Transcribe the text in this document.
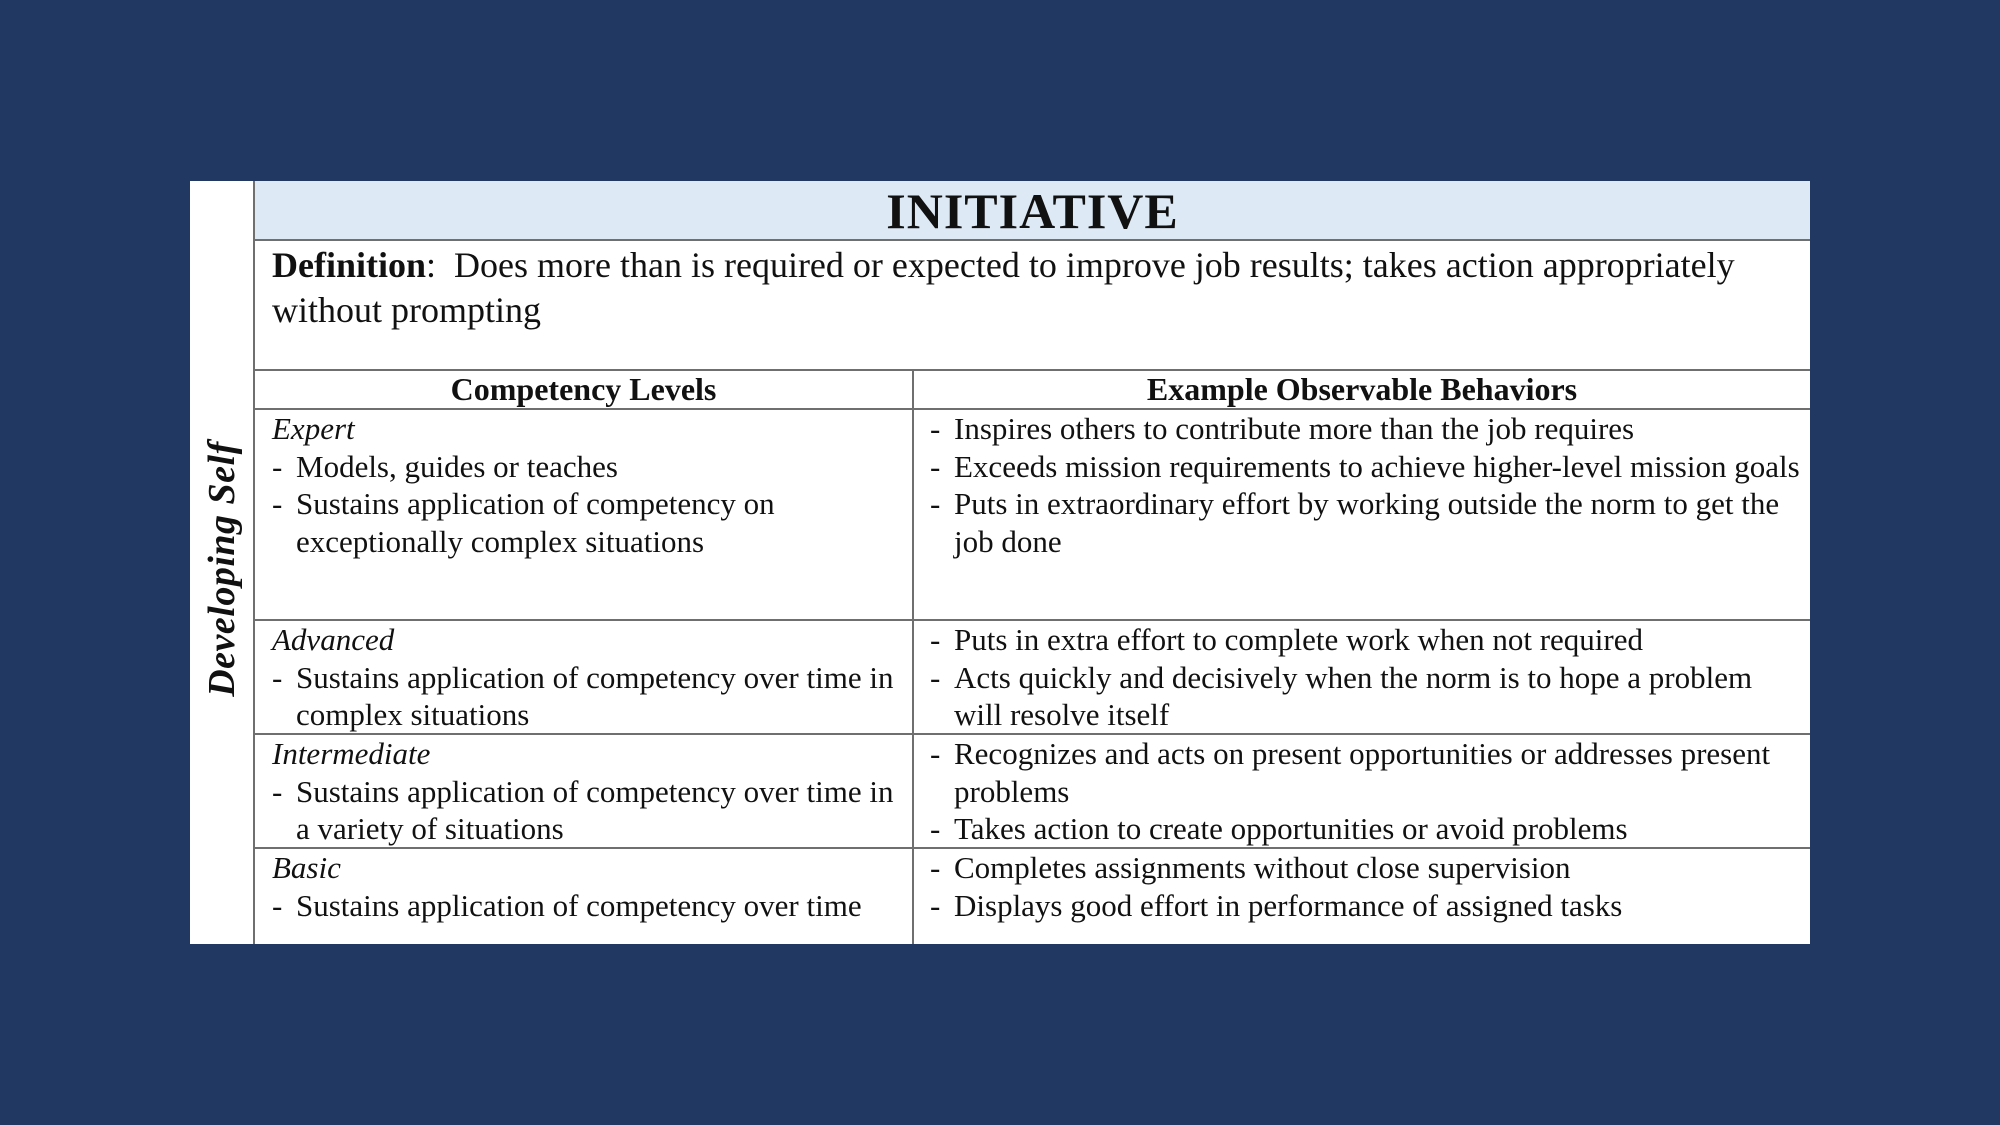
Developing Self
INITIATIVE
Definition: Does more than is required or expected to improve job results; takes action appropriately without prompting
Competency Levels	Example Observable Behaviors
Expert
- Models, guides or teaches
- Sustains application of competency on exceptionally complex situations
- Inspires others to contribute more than the job requires
- Exceeds mission requirements to achieve higher-level mission goals
- Puts in extraordinary effort by working outside the norm to get the job done
Advanced
- Sustains application of competency over time in complex situations
- Puts in extra effort to complete work when not required
- Acts quickly and decisively when the norm is to hope a problem will resolve itself
Intermediate
- Sustains application of competency over time in a variety of situations
- Recognizes and acts on present opportunities or addresses present problems
- Takes action to create opportunities or avoid problems
Basic
- Sustains application of competency over time
- Completes assignments without close supervision
- Displays good effort in performance of assigned tasks
